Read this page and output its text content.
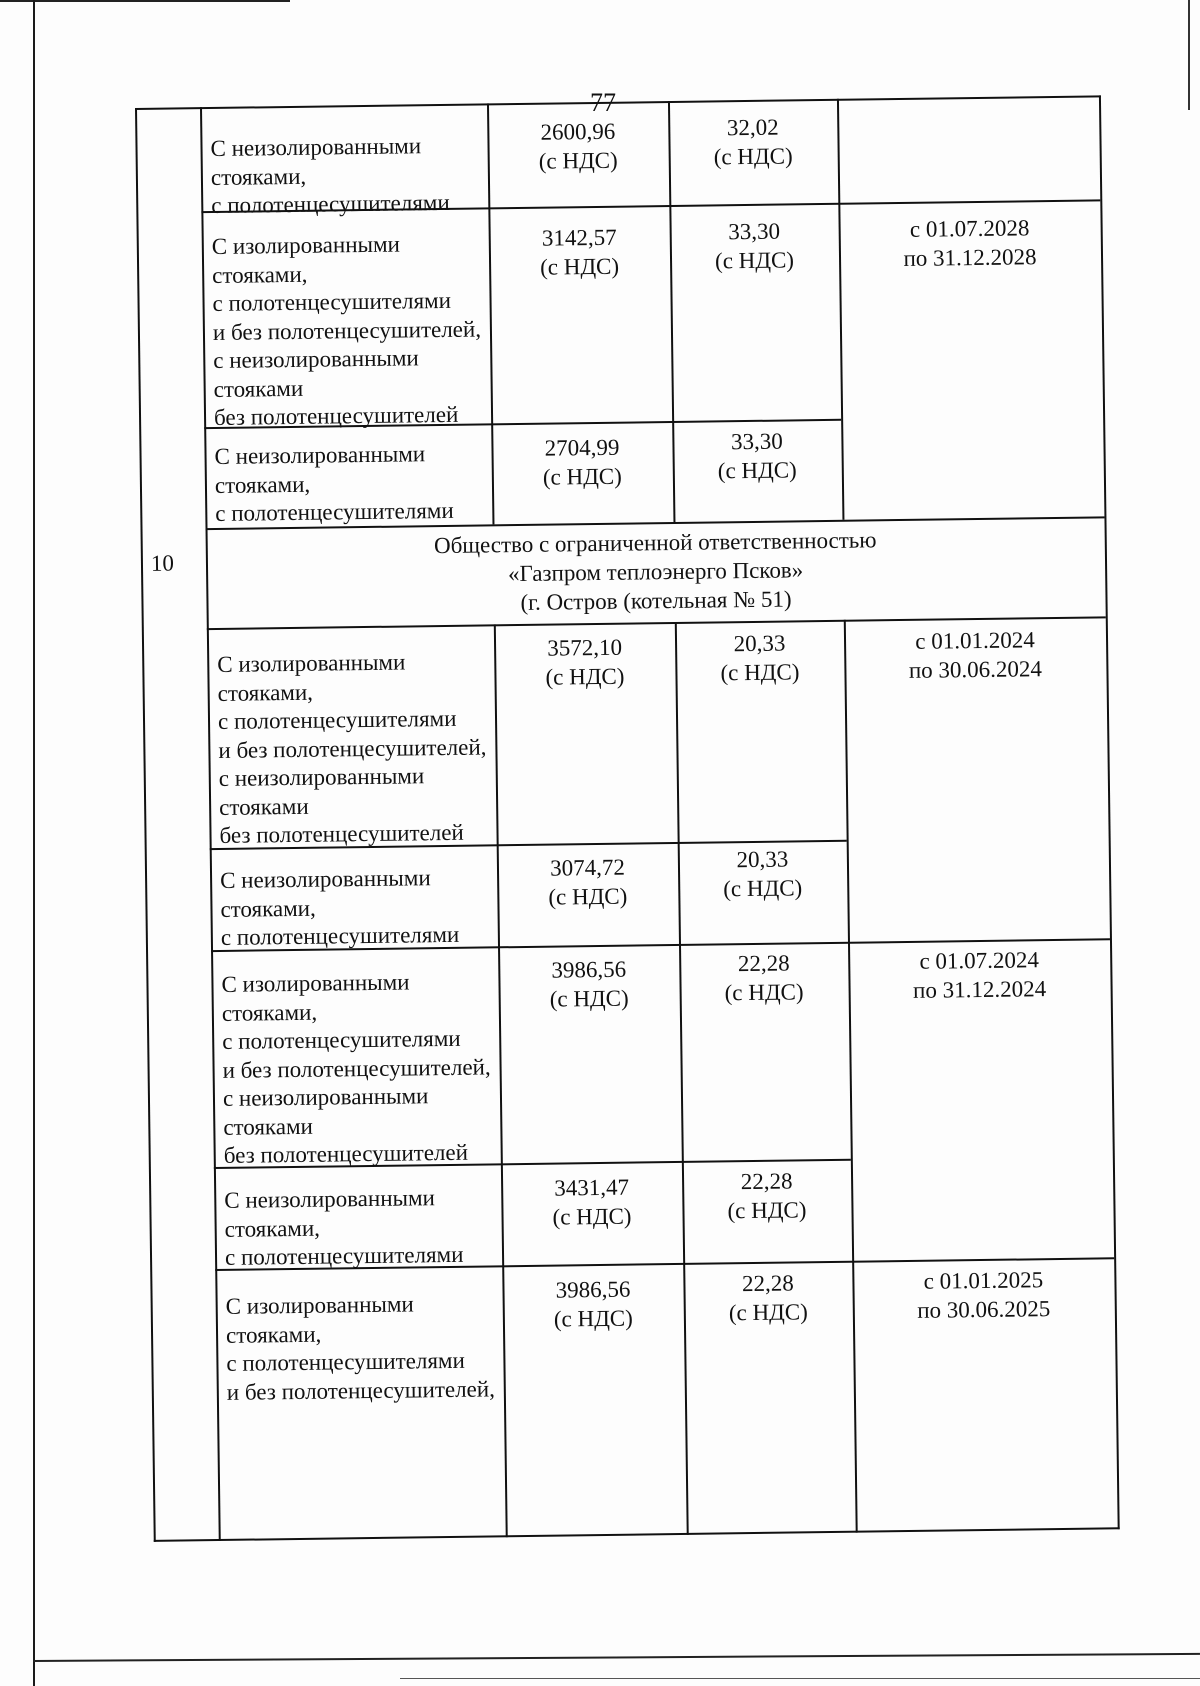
С неизолированными
стояками,
с полотенцесушителями
2600,96
(с НДС)
32,02
(с НДС)
С изолированными
стояками,
с полотенцесушителями
и без полотенцесушителей,
с неизолированными
стояками
без полотенцесушителей
3142,57
(с НДС)
33,30
(с НДС)
С неизолированными
стояками,
с полотенцесушителями
2704,99
(с НДС)
33,30
(с НДС)
с 01.07.2028
по 31.12.2028
10
Общество с ограниченной ответственностью
«Газпром теплоэнерго Псков»
(г. Остров (котельная № 51)
С изолированными
стояками,
с полотенцесушителями
и без полотенцесушителей,
с неизолированными
стояками
без полотенцесушителей
3572,10
(с НДС)
20,33
(с НДС)
С неизолированными
стояками,
с полотенцесушителями
3074,72
(с НДС)
20,33
(с НДС)
С изолированными
стояками,
с полотенцесушителями
и без полотенцесушителей,
с неизолированными
стояками
без полотенцесушителей
3986,56
(с НДС)
22,28
(с НДС)
С неизолированными
стояками,
с полотенцесушителями
3431,47
(с НДС)
22,28
(с НДС)
С изолированными
стояками,
с полотенцесушителями
и без полотенцесушителей,
3986,56
(с НДС)
22,28
(с НДС)
с 01.01.2024
по 30.06.2024
с 01.07.2024
по 31.12.2024
с 01.01.2025
по 30.06.2025
